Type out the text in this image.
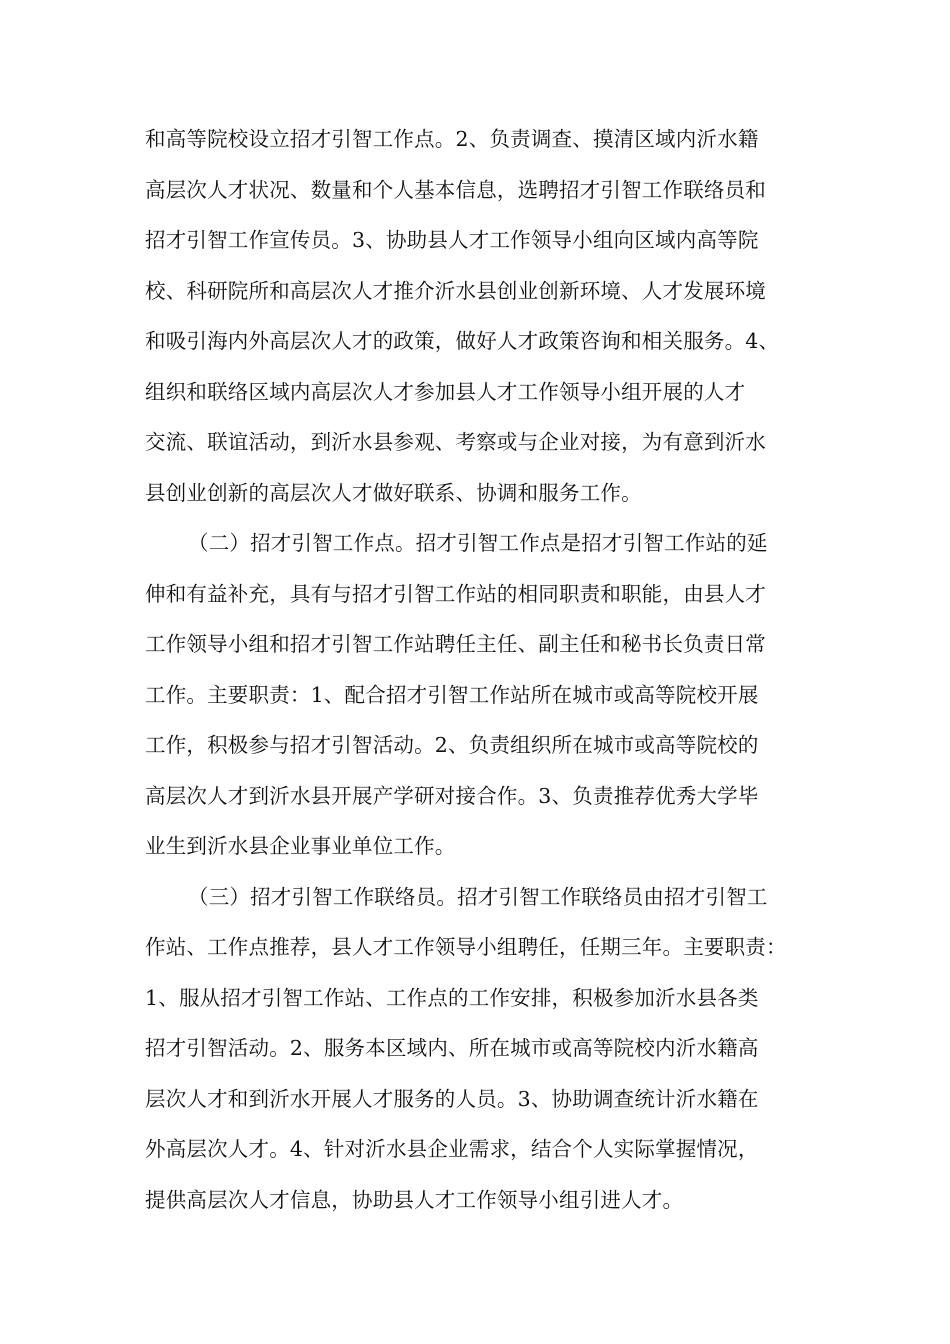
和高等院校设立招才引智工作点。2、负责调查、摸清区域内沂水籍
高层次人才状况、数量和个人基本信息，选聘招才引智工作联络员和
招才引智工作宣传员。3、协助县人才工作领导小组向区域内高等院
校、科研院所和高层次人才推介沂水县创业创新环境、人才发展环境
和吸引海内外高层次人才的政策，做好人才政策咨询和相关服务。4、
组织和联络区域内高层次人才参加县人才工作领导小组开展的人才
交流、联谊活动，到沂水县参观、考察或与企业对接，为有意到沂水
县创业创新的高层次人才做好联系、协调和服务工作。
（二）招才引智工作点。招才引智工作点是招才引智工作站的延
伸和有益补充，具有与招才引智工作站的相同职责和职能，由县人才
工作领导小组和招才引智工作站聘任主任、副主任和秘书长负责日常
工作。主要职责：1、配合招才引智工作站所在城市或高等院校开展
工作，积极参与招才引智活动。2、负责组织所在城市或高等院校的
高层次人才到沂水县开展产学研对接合作。3、负责推荐优秀大学毕
业生到沂水县企业事业单位工作。
（三）招才引智工作联络员。招才引智工作联络员由招才引智工
作站、工作点推荐，县人才工作领导小组聘任，任期三年。主要职责：
1、服从招才引智工作站、工作点的工作安排，积极参加沂水县各类
招才引智活动。2、服务本区域内、所在城市或高等院校内沂水籍高
层次人才和到沂水开展人才服务的人员。3、协助调查统计沂水籍在
外高层次人才。4、针对沂水县企业需求，结合个人实际掌握情况，
提供高层次人才信息，协助县人才工作领导小组引进人才。
